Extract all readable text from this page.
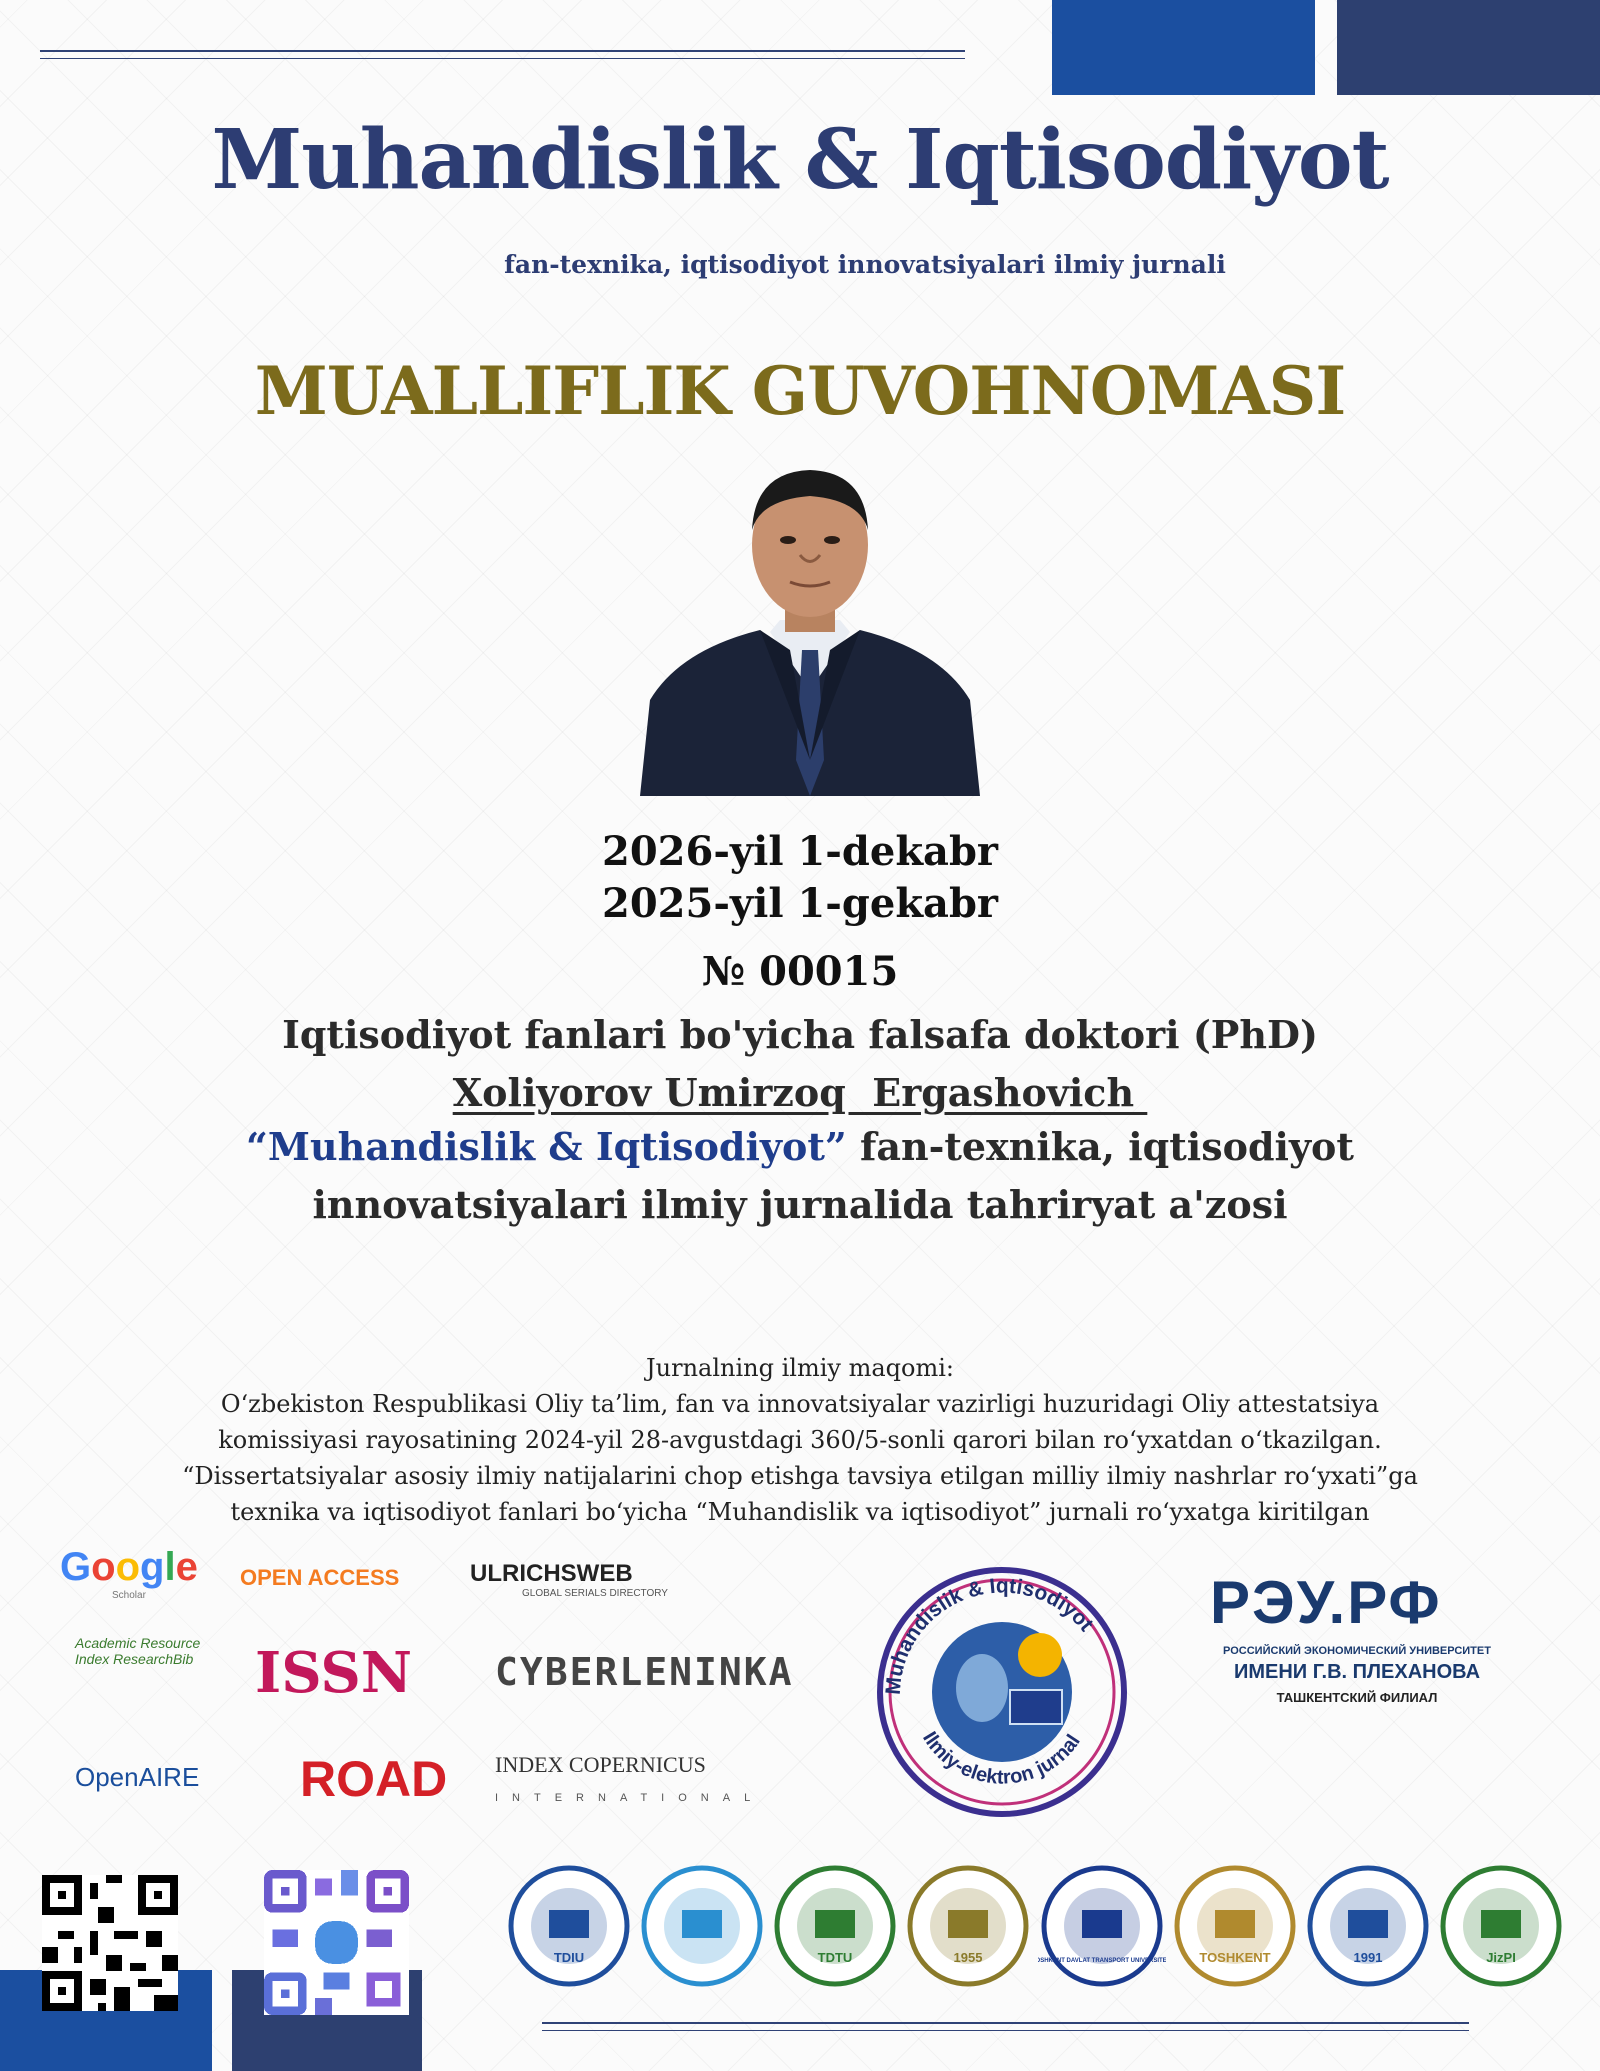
Muhandislik & Iqtisodiyot
fan-texnika, iqtisodiyot innovatsiyalari ilmiy jurnali
MUALLIFLIK GUVOHNOMASI
2026-yil 1-dekabr
2025-yil 1-gekabr
№ 00015
Iqtisodiyot fanlari bo'yicha falsafa doktori (PhD)
Xoliyorov Umirzoq  Ergashovich
“Muhandislik & Iqtisodiyot” fan-texnika, iqtisodiyot
innovatsiyalari ilmiy jurnalida tahriryat a'zosi
Jurnalning ilmiy maqomi:
O‘zbekiston Respublikasi Oliy ta’lim, fan va innovatsiyalar vazirligi huzuridagi Oliy attestatsiya
komissiyasi rayosatining 2024-yil 28-avgustdagi 360/5-sonli qarori bilan ro‘yxatdan o‘tkazilgan.
“Dissertatsiyalar asosiy ilmiy natijalarini chop etishga tavsiya etilgan milliy ilmiy nashrlar ro‘yxati”ga
texnika va iqtisodiyot fanlari bo‘yicha “Muhandislik va iqtisodiyot” jurnali ro‘yxatga kiritilgan
Google
Scholar
OPEN ACCESS	ULRICHSWEB
GLOBAL SERIALS DIRECTORY
Academic Resource Index ResearchBib	ISSN CYBERLENINKA
OpenAIRE ROAD INDEX COPERNICUS
INTERNATIONAL
Muhandislik & Iqtisodiyot
Ilmiy-elektron jurnal
РЭУ.РФ
РОССИЙСКИЙ ЭКОНОМИЧЕСКИЙ УНИВЕРСИТЕТ
ИМЕНИ Г.В. ПЛЕХАНОВА
ТАШКЕНТСКИЙ ФИЛИАЛ
TDIU	TDTU	1955	TOSHKENT DAVLAT TRANSPORT UNIVERSITETI TOSHKENT	1991	JizPI
